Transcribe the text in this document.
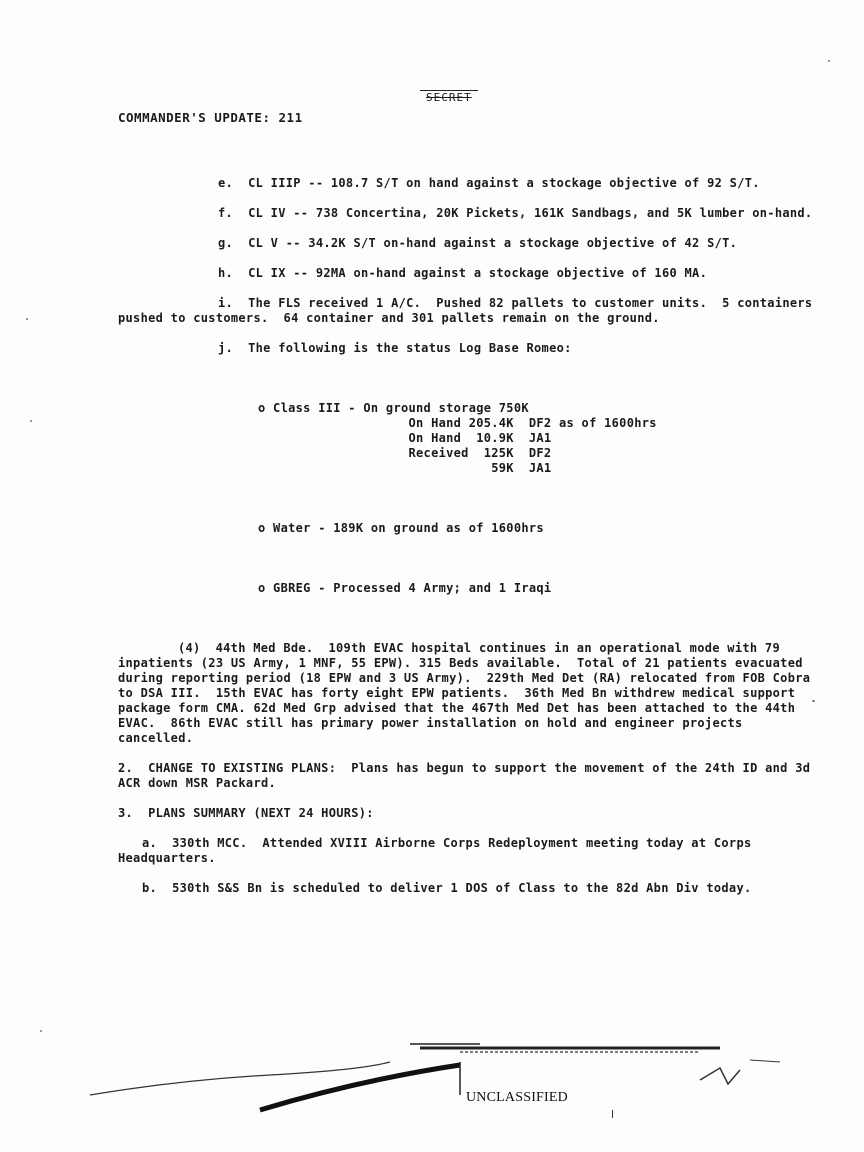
SECRET
COMMANDER'S UPDATE: 211

e.  CL IIIP -- 108.7 S/T on hand against a stockage objective of 92 S/T.

f.  CL IV -- 738 Concertina, 20K Pickets, 161K Sandbags, and 5K lumber on-hand.

g.  CL V -- 34.2K S/T on-hand against a stockage objective of 42 S/T.

h.  CL IX -- 92MA on-hand against a stockage objective of 160 MA.

i.  The FLS received 1 A/C.  Pushed 82 pallets to customer units.  5 containers pushed to customers.  64 container and 301 pallets remain on the ground.

j.  The following is the status Log Base Romeo:

o Class III - On ground storage 750K
On Hand 205.4K  DF2 as of 1600hrs
On Hand  10.9K  JA1
Received  125K  DF2
59K  JA1

o Water - 189K on ground as of 1600hrs

o GBREG - Processed 4 Army; and 1 Iraqi

(4)  44th Med Bde.  109th EVAC hospital continues in an operational mode with 79 inpatients (23 US Army, 1 MNF, 55 EPW). 315 Beds available.  Total of 21 patients evacuated during reporting period (18 EPW and 3 US Army).  229th Med Det (RA) relocated from FOB Cobra to DSA III.  15th EVAC has forty eight EPW patients.  36th Med Bn withdrew medical support package form CMA. 62d Med Grp advised that the 467th Med Det has been attached to the 44th EVAC.  86th EVAC still has primary power installation on hold and engineer projects cancelled.

2.  CHANGE TO EXISTING PLANS:  Plans has begun to support the movement of the 24th ID and 3d ACR down MSR Packard.

3.  PLANS SUMMARY (NEXT 24 HOURS):

a.  330th MCC.  Attended XVIII Airborne Corps Redeployment meeting today at Corps Headquarters.

b.  530th S&S Bn is scheduled to deliver 1 DOS of Class to the 82d Abn Div today.

UNCLASSIFIED
